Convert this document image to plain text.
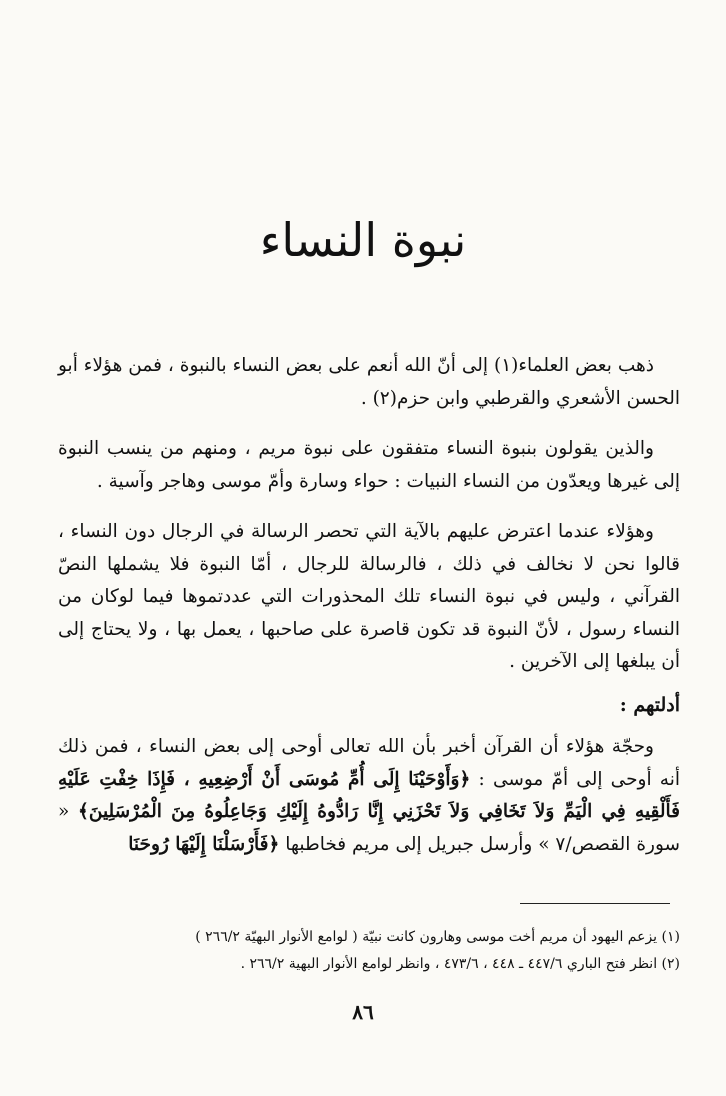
نبوة النساء

ذهب بعض العلماء(١) إلى أنّ الله أنعم على بعض النساء بالنبوة ، فمن هؤلاء أبو الحسن الأشعري والقرطبي وابن حزم(٢) .

والذين يقولون بنبوة النساء متفقون على نبوة مريم ، ومنهم من ينسب النبوة إلى غيرها ويعدّون من النساء النبيات : حواء وسارة وأمّ موسى وهاجر وآسية .

وهؤلاء عندما اعترض عليهم بالآية التي تحصر الرسالة في الرجال دون النساء ، قالوا نحن لا نخالف في ذلك ، فالرسالة للرجال ، أمّا النبوة فلا يشملها النصّ القرآني ، وليس في نبوة النساء تلك المحذورات التي عددتموها فيما لوكان من النساء رسول ، لأنّ النبوة قد تكون قاصرة على صاحبها ، يعمل بها ، ولا يحتاج إلى أن يبلغها إلى الآخرين .

أدلتهم :

وحجّة هؤلاء أن القرآن أخبر بأن الله تعالى أوحى إلى بعض النساء ، فمن ذلك أنه أوحى إلى أمّ موسى : ﴿وَأَوْحَيْنَا إِلَى أُمِّ مُوسَى أَنْ أَرْضِعِيهِ ، فَإِذَا خِفْتِ عَلَيْهِ فَأَلْقِيهِ فِي الْيَمِّ وَلاَ تَخَافِي وَلاَ تَحْزَنِي إِنَّا رَادُّوهُ إِلَيْكِ وَجَاعِلُوهُ مِنَ الْمُرْسَلِينَ﴾ « سورة القصص/٧ » وأرسل جبريل إلى مريم فخاطبها ﴿فَأَرْسَلْنَا إِلَيْهَا رُوحَنَا

(١) يزعم اليهود أن مريم أخت موسى وهارون كانت نبيّة ( لوامع الأنوار البهيّة ٢٦٦/٢ )
(٢) انظر فتح الباري ٤٤٧/٦ ـ ٤٤٨ ، ٤٧٣/٦ ، وانظر لوامع الأنوار البهية ٢٦٦/٢ .
٨٦
